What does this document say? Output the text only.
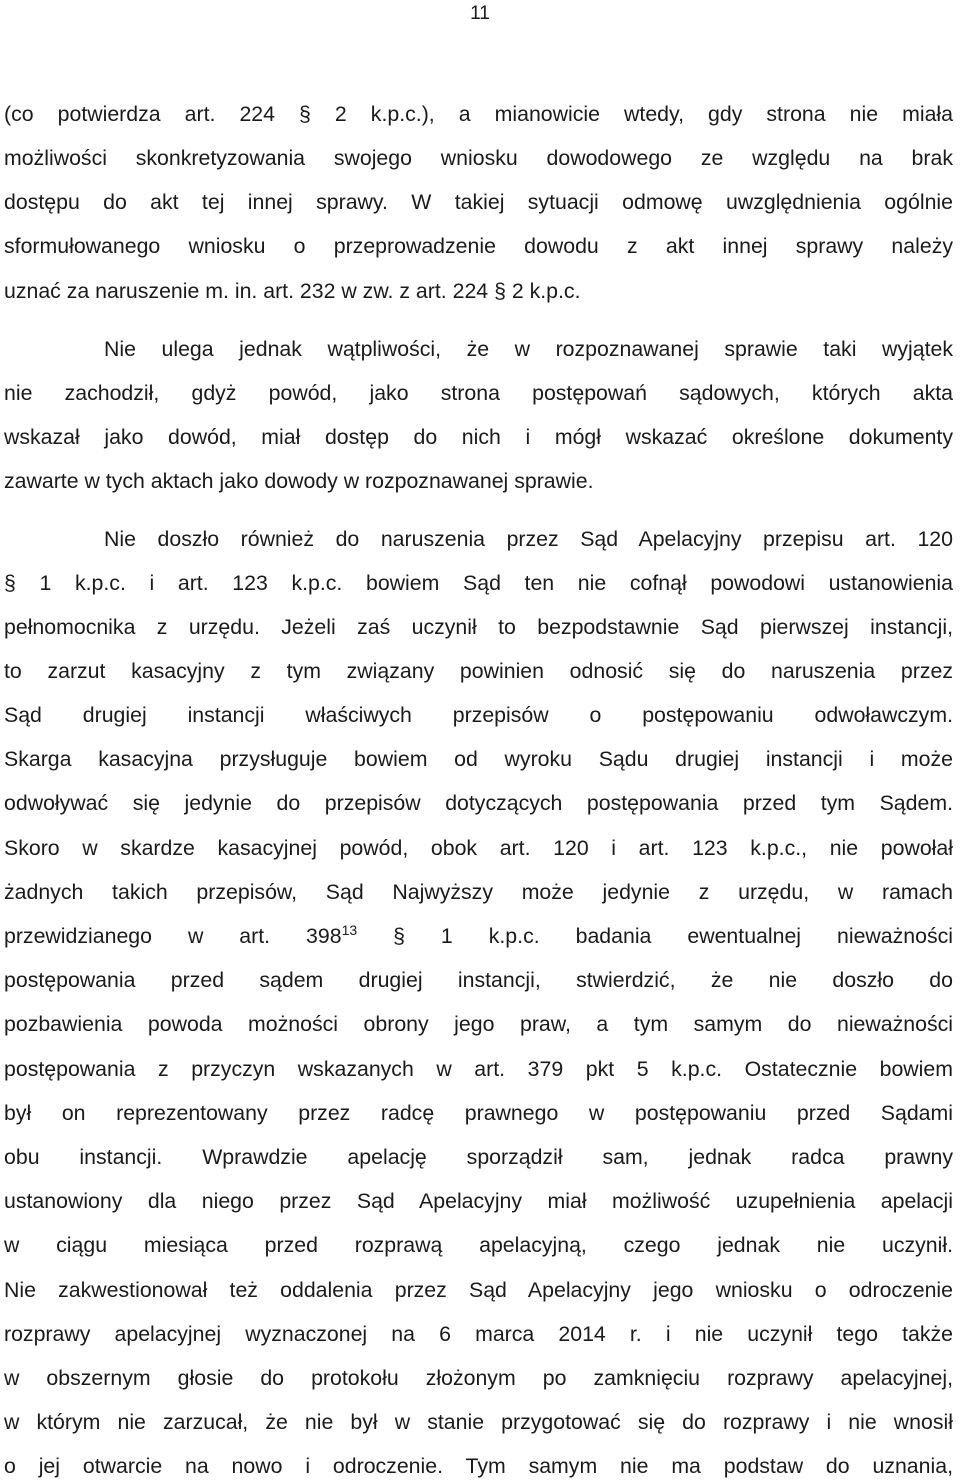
11
(co potwierdza art. 224 § 2 k.p.c.), a mianowicie wtedy, gdy strona nie miała
możliwości skonkretyzowania swojego wniosku dowodowego ze względu na brak
dostępu do akt tej innej sprawy. W takiej sytuacji odmowę uwzględnienia ogólnie
sformułowanego wniosku o przeprowadzenie dowodu z akt innej sprawy należy
uznać za naruszenie m. in. art. 232 w zw. z art. 224 § 2 k.p.c.
Nie ulega jednak wątpliwości, że w rozpoznawanej sprawie taki wyjątek
nie zachodził, gdyż powód, jako strona postępowań sądowych, których akta
wskazał jako dowód, miał dostęp do nich i mógł wskazać określone dokumenty
zawarte w tych aktach jako dowody w rozpoznawanej sprawie.
Nie doszło również do naruszenia przez Sąd Apelacyjny przepisu art. 120
§ 1 k.p.c. i art. 123 k.p.c. bowiem Sąd ten nie cofnął powodowi ustanowienia
pełnomocnika z urzędu. Jeżeli zaś uczynił to bezpodstawnie Sąd pierwszej instancji,
to zarzut kasacyjny z tym związany powinien odnosić się do naruszenia przez
Sąd drugiej instancji właściwych przepisów o postępowaniu odwoławczym.
Skarga kasacyjna przysługuje bowiem od wyroku Sądu drugiej instancji i może
odwoływać się jedynie do przepisów dotyczących postępowania przed tym Sądem.
Skoro w skardze kasacyjnej powód, obok art. 120 i art. 123 k.p.c., nie powołał
żadnych takich przepisów, Sąd Najwyższy może jedynie z urzędu, w ramach
przewidzianego w art. $398^{13}$ § 1 k.p.c. badania ewentualnej nieważności
postępowania przed sądem drugiej instancji, stwierdzić, że nie doszło do
pozbawienia powoda możności obrony jego praw, a tym samym do nieważności
postępowania z przyczyn wskazanych w art. 379 pkt 5 k.p.c. Ostatecznie bowiem
był on reprezentowany przez radcę prawnego w postępowaniu przed Sądami
obu instancji. Wprawdzie apelację sporządził sam, jednak radca prawny
ustanowiony dla niego przez Sąd Apelacyjny miał możliwość uzupełnienia apelacji
w ciągu miesiąca przed rozprawą apelacyjną, czego jednak nie uczynił.
Nie zakwestionował też oddalenia przez Sąd Apelacyjny jego wniosku o odroczenie
rozprawy apelacyjnej wyznaczonej na 6 marca 2014 r. i nie uczynił tego także
w obszernym głosie do protokołu złożonym po zamknięciu rozprawy apelacyjnej,
w którym nie zarzucał, że nie był w stanie przygotować się do rozprawy i nie wnosił
o jej otwarcie na nowo i odroczenie. Tym samym nie ma podstaw do uznania,
